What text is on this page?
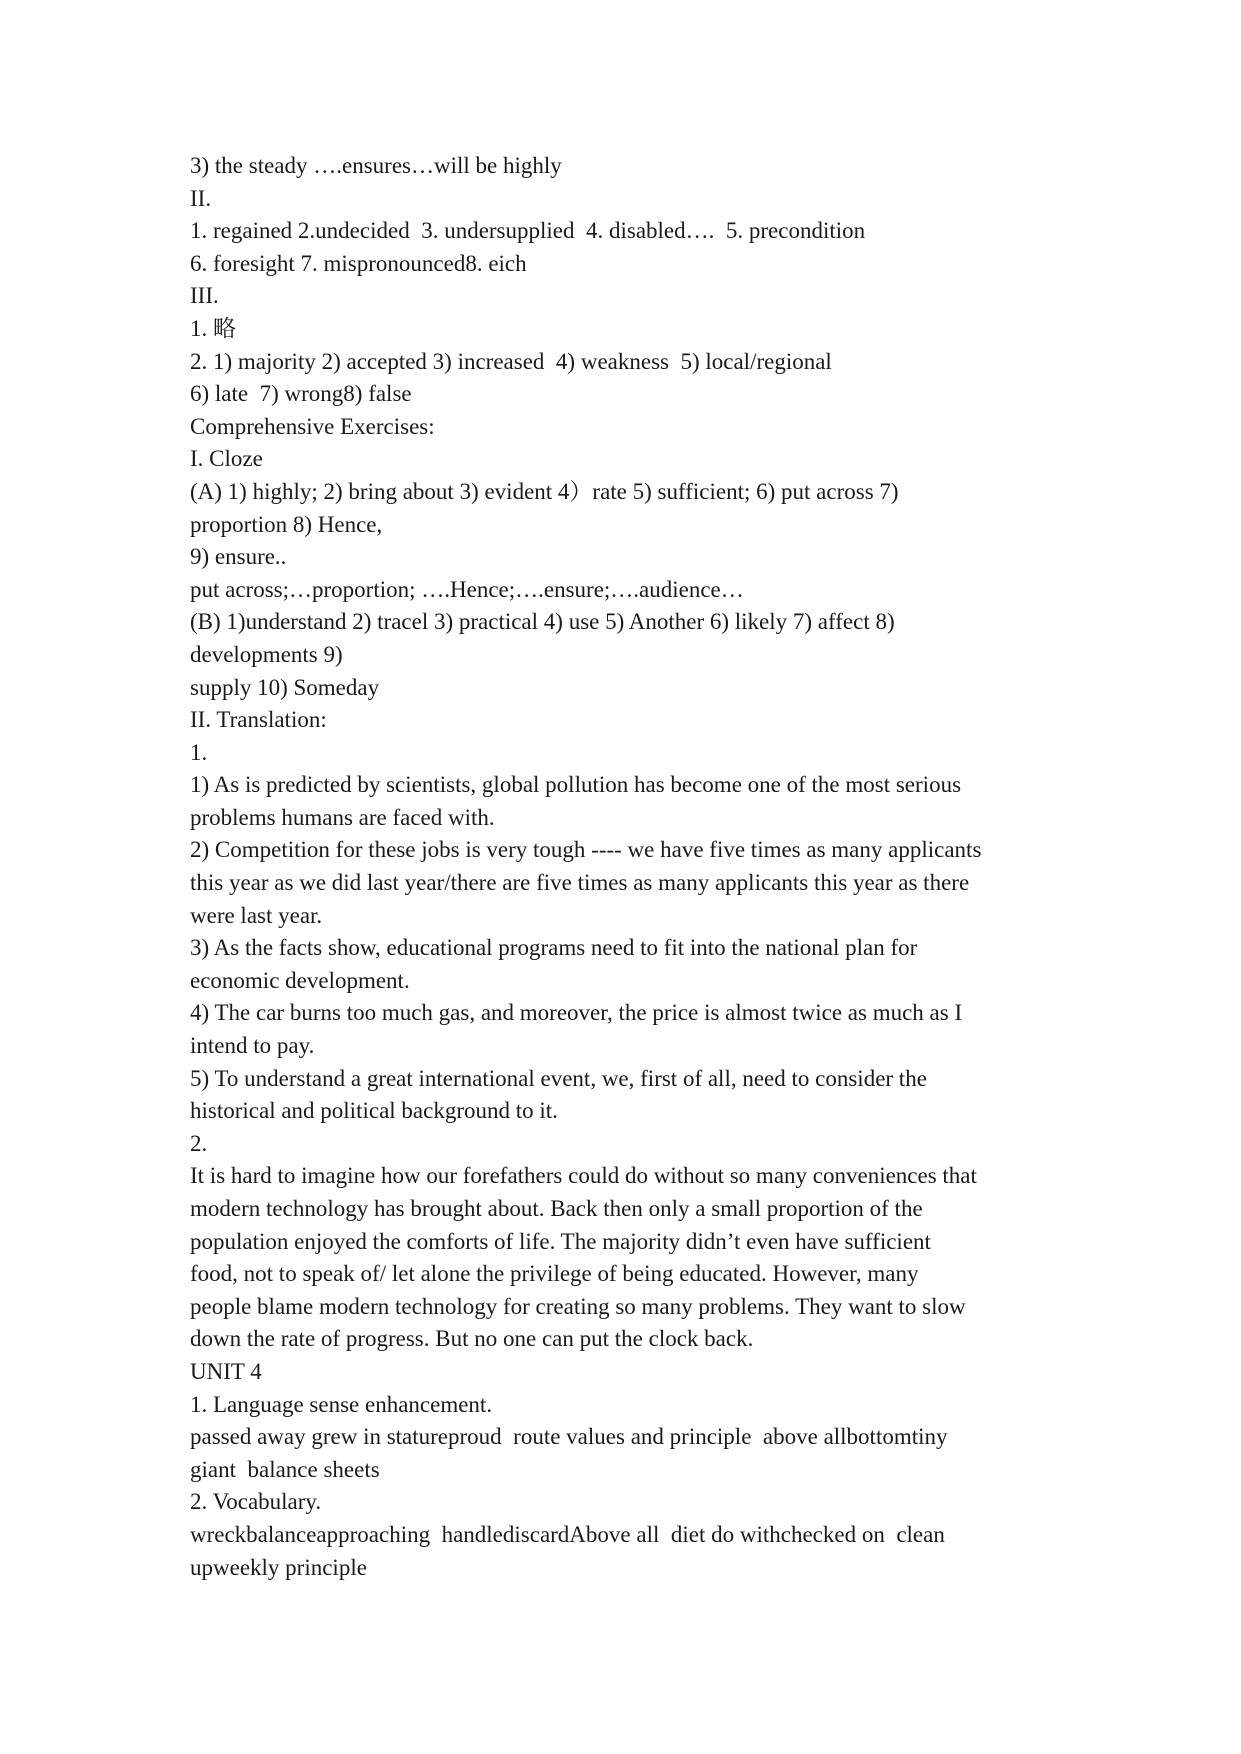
3) the steady ….ensures…will be highly
II.
1. regained 2.undecided  3. undersupplied  4. disabled….  5. precondition
6. foresight 7. mispronounced8. eich
III.
1. 略
2. 1) majority 2) accepted 3) increased  4) weakness  5) local/regional
6) late  7) wrong8) false
Comprehensive Exercises:
I. Cloze
(A) 1) highly; 2) bring about 3) evident 4）rate 5) sufficient; 6) put across 7)
proportion 8) Hence,
9) ensure..
put across;…proportion; ….Hence;….ensure;….audience…
(B) 1)understand 2) tracel 3) practical 4) use 5) Another 6) likely 7) affect 8)
developments 9)
supply 10) Someday
II. Translation:
1.
1) As is predicted by scientists, global pollution has become one of the most serious
problems humans are faced with.
2) Competition for these jobs is very tough ---- we have five times as many applicants
this year as we did last year/there are five times as many applicants this year as there
were last year.
3) As the facts show, educational programs need to fit into the national plan for
economic development.
4) The car burns too much gas, and moreover, the price is almost twice as much as I
intend to pay.
5) To understand a great international event, we, first of all, need to consider the
historical and political background to it.
2.
It is hard to imagine how our forefathers could do without so many conveniences that
modern technology has brought about. Back then only a small proportion of the
population enjoyed the comforts of life. The majority didn’t even have sufficient
food, not to speak of/ let alone the privilege of being educated. However, many
people blame modern technology for creating so many problems. They want to slow
down the rate of progress. But no one can put the clock back.
UNIT 4
1. Language sense enhancement.
passed away grew in statureproud  route values and principle  above allbottomtiny
giant  balance sheets
2. Vocabulary.
wreckbalanceapproaching  handlediscardAbove all  diet do withchecked on  clean
upweekly principle
